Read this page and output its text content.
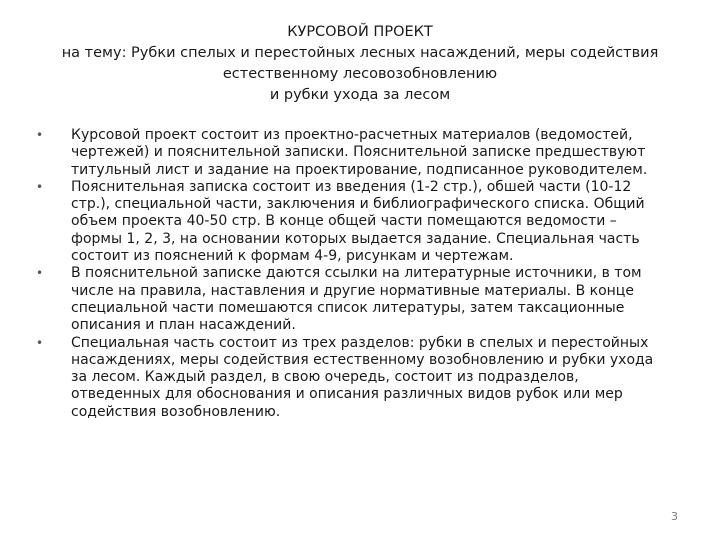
КУРСОВОЙ ПРОЕКТ
на тему: Рубки спелых и перестойных лесных насаждений, меры содействия
естественному лесовозобновлению
и рубки ухода за лесом
• Курсовой проект состоит из проектно-расчетных материалов (ведомостей,
чертежей) и пояснительной записки. Пояснительной записке предшествуют
титульный лист и задание на проектирование, подписанное руководителем.
• Пояснительная записка состоит из введения (1-2 стр.), обшей части (10-12
стр.), специальной части, заключения и библиографического списка. Общий
объем проекта 40-50 стр. В конце общей части помещаются ведомости –
формы 1, 2, 3, на основании которых выдается задание. Специальная часть
состоит из пояснений к формам 4-9, рисункам и чертежам.
• В пояснительной записке даются ссылки на литературные источники, в том
числе на правила, наставления и другие нормативные материалы. В конце
специальной части помешаются список литературы, затем таксационные
описания и план насаждений.
• Специальная часть состоит из трех разделов: рубки в спелых и перестойных
насаждениях, меры содействия естественному возобновлению и рубки ухода
за лесом. Каждый раздел, в свою очередь, состоит из подразделов,
отведенных для обоснования и описания различных видов рубок или мер
содействия возобновлению.
3
